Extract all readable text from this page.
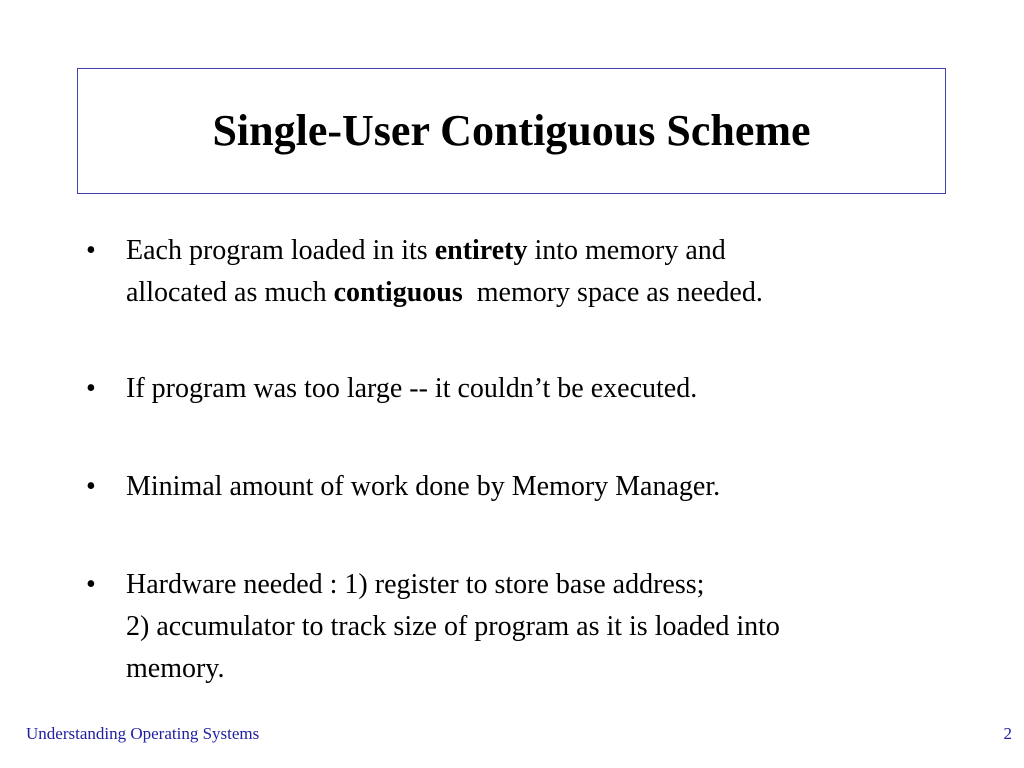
Single-User Contiguous Scheme
•	Each program loaded in its entirety into memory and
allocated as much contiguous  memory space as needed.
•	If program was too large -- it couldn’t be executed.
•	Minimal amount of work done by Memory Manager.
•	Hardware needed : 1) register to store base address;
2) accumulator to track size of program as it is loaded into
memory.
Understanding Operating Systems	2
